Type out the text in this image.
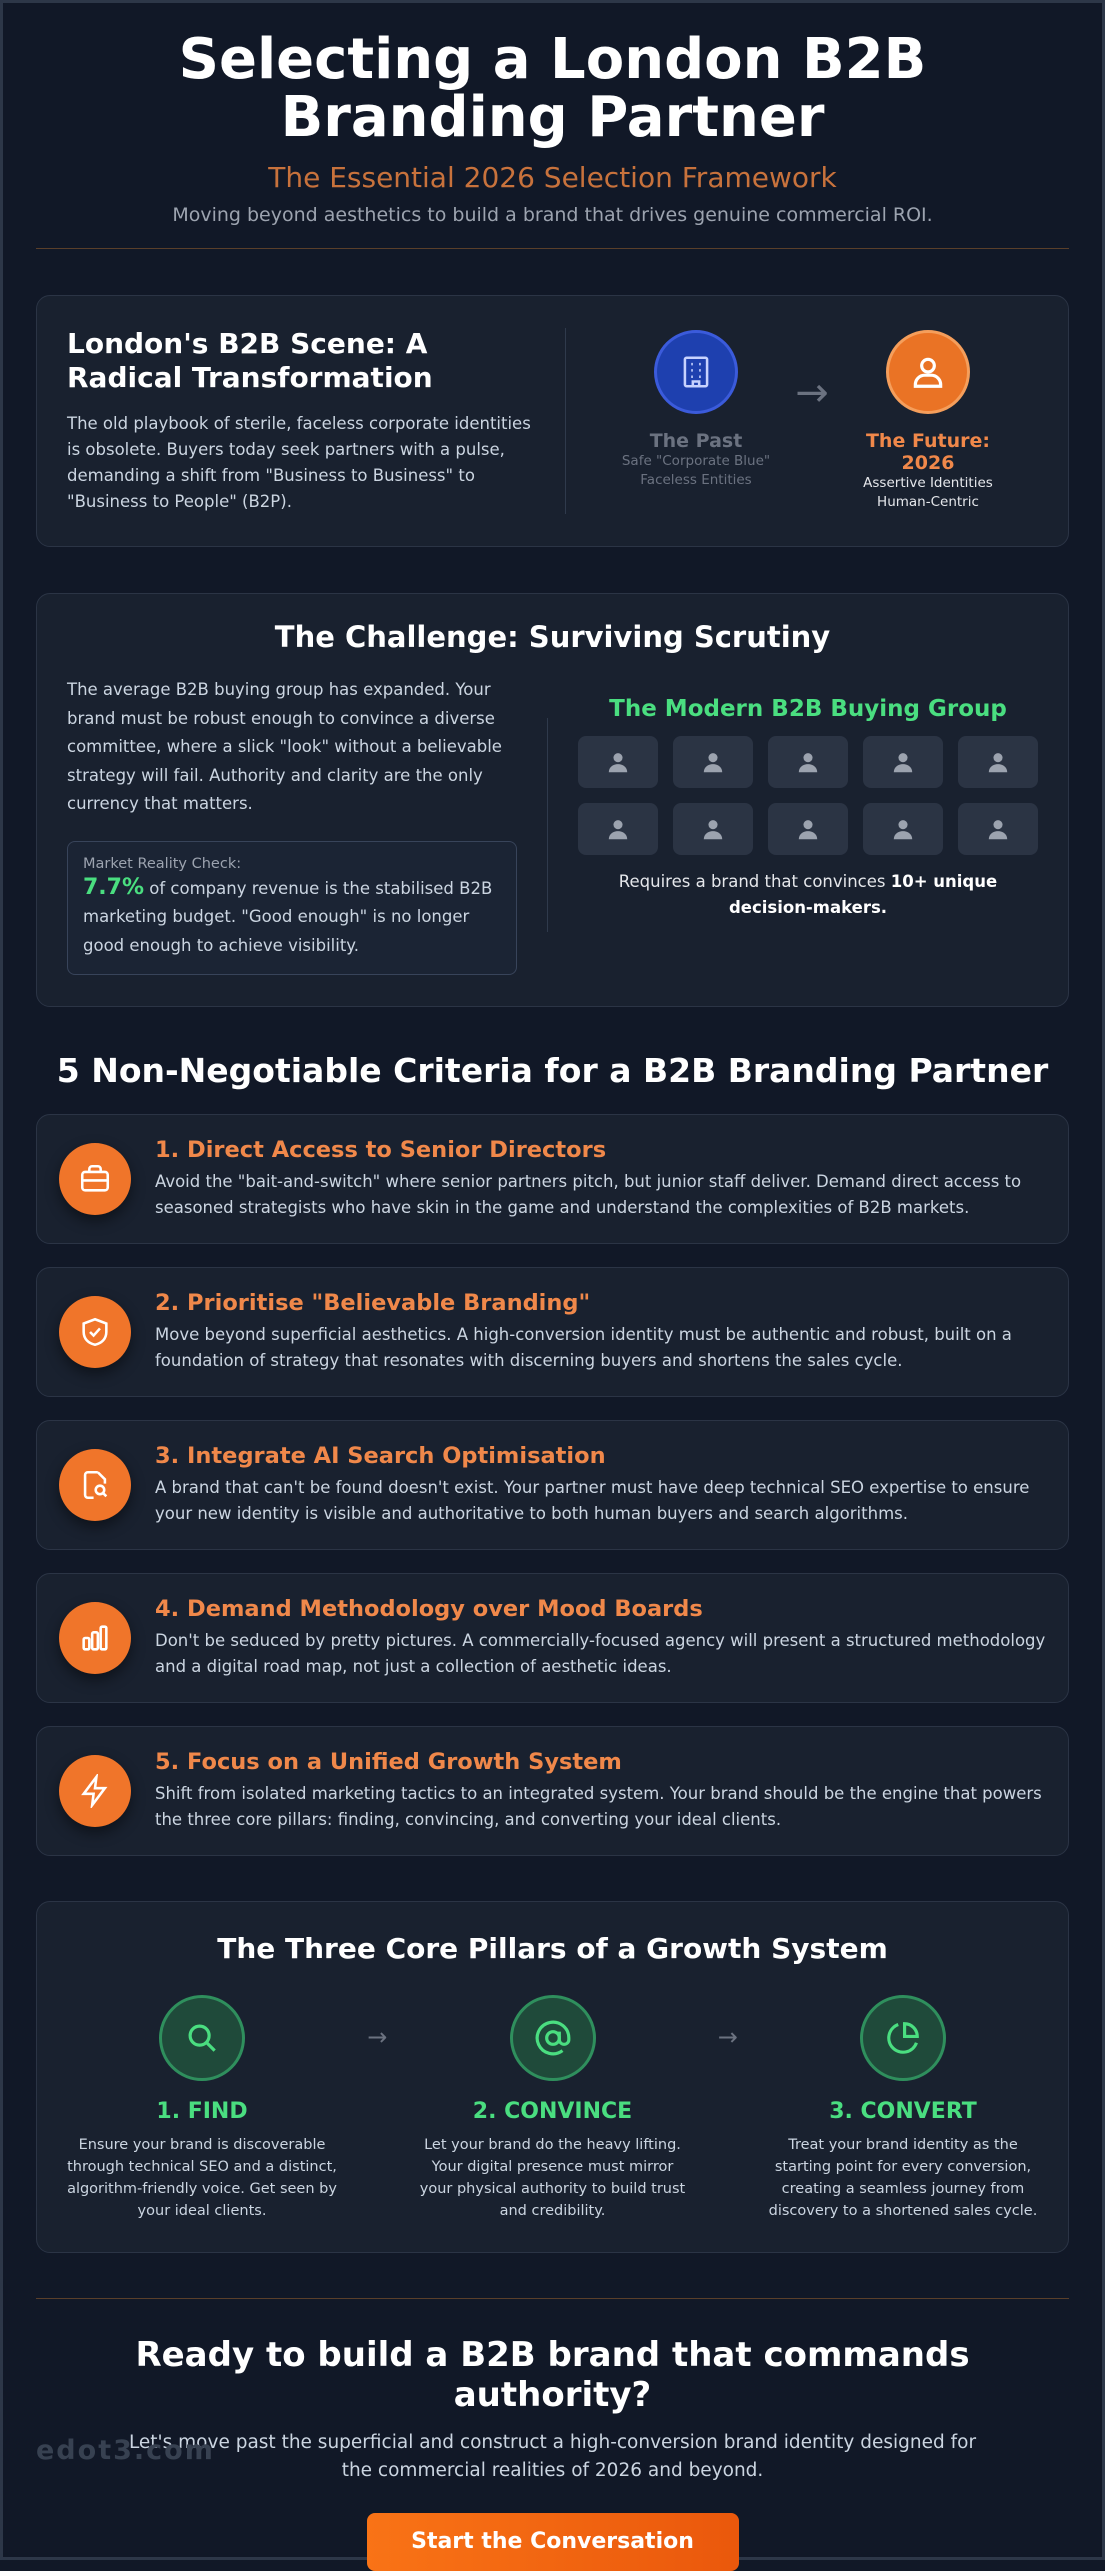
Selecting a London B2B Branding Partner
The Essential 2026 Selection Framework
Moving beyond aesthetics to build a brand that drives genuine commercial ROI.
London's B2B Scene: A Radical Transformation

The old playbook of sterile, faceless corporate identities is obsolete. Buyers today seek partners with a pulse, demanding a shift from "Business to Business" to "Business to People" (B2P).

The Past
Safe "Corporate Blue"
Faceless Entities
→
The Future: 2026
Assertive Identities
Human-Centric
The Challenge: Surviving Scrutiny

The average B2B buying group has expanded. Your brand must be robust enough to convince a diverse committee, where a slick "look" without a believable strategy will fail. Authority and clarity are the only currency that matters.

Market Reality Check:
7.7% of company revenue is the stabilised B2B marketing budget. "Good enough" is no longer good enough to achieve visibility.
The Modern B2B Buying Group
Requires a brand that convinces 10+ unique decision-makers.
5 Non-Negotiable Criteria for a B2B Branding Partner
1. Direct Access to Senior Directors

Avoid the "bait-and-switch" where senior partners pitch, but junior staff deliver. Demand direct access to seasoned strategists who have skin in the game and understand the complexities of B2B markets.

2. Prioritise "Believable Branding"

Move beyond superficial aesthetics. A high-conversion identity must be authentic and robust, built on a foundation of strategy that resonates with discerning buyers and shortens the sales cycle.

3. Integrate AI Search Optimisation

A brand that can't be found doesn't exist. Your partner must have deep technical SEO expertise to ensure your new identity is visible and authoritative to both human buyers and search algorithms.

4. Demand Methodology over Mood Boards

Don't be seduced by pretty pictures. A commercially-focused agency will present a structured methodology and a digital road map, not just a collection of aesthetic ideas.

5. Focus on a Unified Growth System

Shift from isolated marketing tactics to an integrated system. Your brand should be the engine that powers the three core pillars: finding, convincing, and converting your ideal clients.

The Three Core Pillars of a Growth System
1. FIND

Ensure your brand is discoverable through technical SEO and a distinct, algorithm-friendly voice. Get seen by your ideal clients.

→
2. CONVINCE

Let your brand do the heavy lifting. Your digital presence must mirror your physical authority to build trust and credibility.

→
3. CONVERT

Treat your brand identity as the starting point for every conversion, creating a seamless journey from discovery to a shortened sales cycle.

Ready to build a B2B brand that commands authority?

Let's move past the superficial and construct a high-conversion brand identity designed for the commercial realities of 2026 and beyond.

Start the Conversation
edot3.com
